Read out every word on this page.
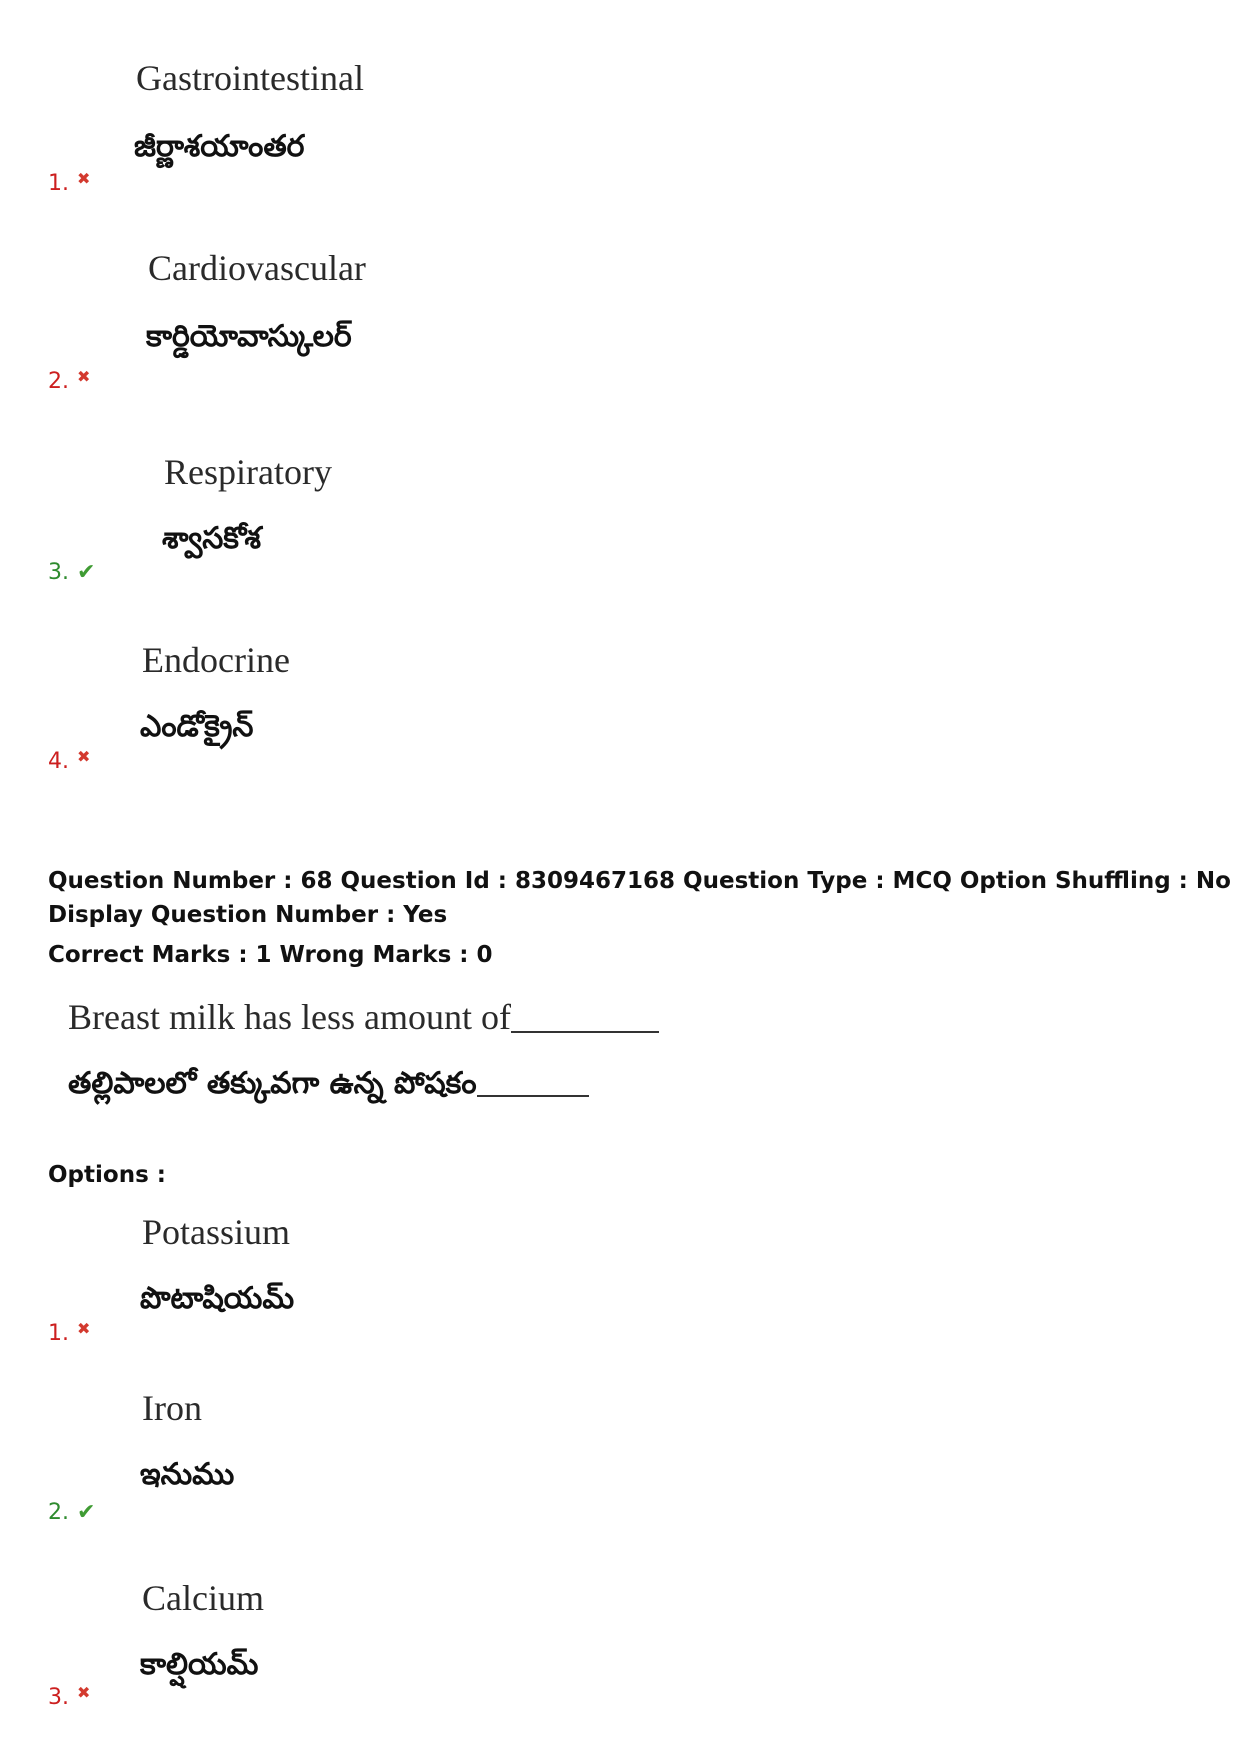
Gastrointestinal
జీర్ణాశయాంతర
1. ✖
Cardiovascular
కార్డియోవాస్కులర్
2. ✖
Respiratory
శ్వాసకోశ
3. ✔
Endocrine
ఎండోక్రైన్
4. ✖
Question Number : 68 Question Id : 8309467168 Question Type : MCQ Option Shuffling : No
Display Question Number : Yes
Correct Marks : 1 Wrong Marks : 0
Breast milk has less amount of
తల్లిపాలలో తక్కువగా ఉన్న పోషకం
Options :
Potassium
పొటాషియమ్
1. ✖
Iron
ఇనుము
2. ✔
Calcium
కాల్షియమ్
3. ✖
